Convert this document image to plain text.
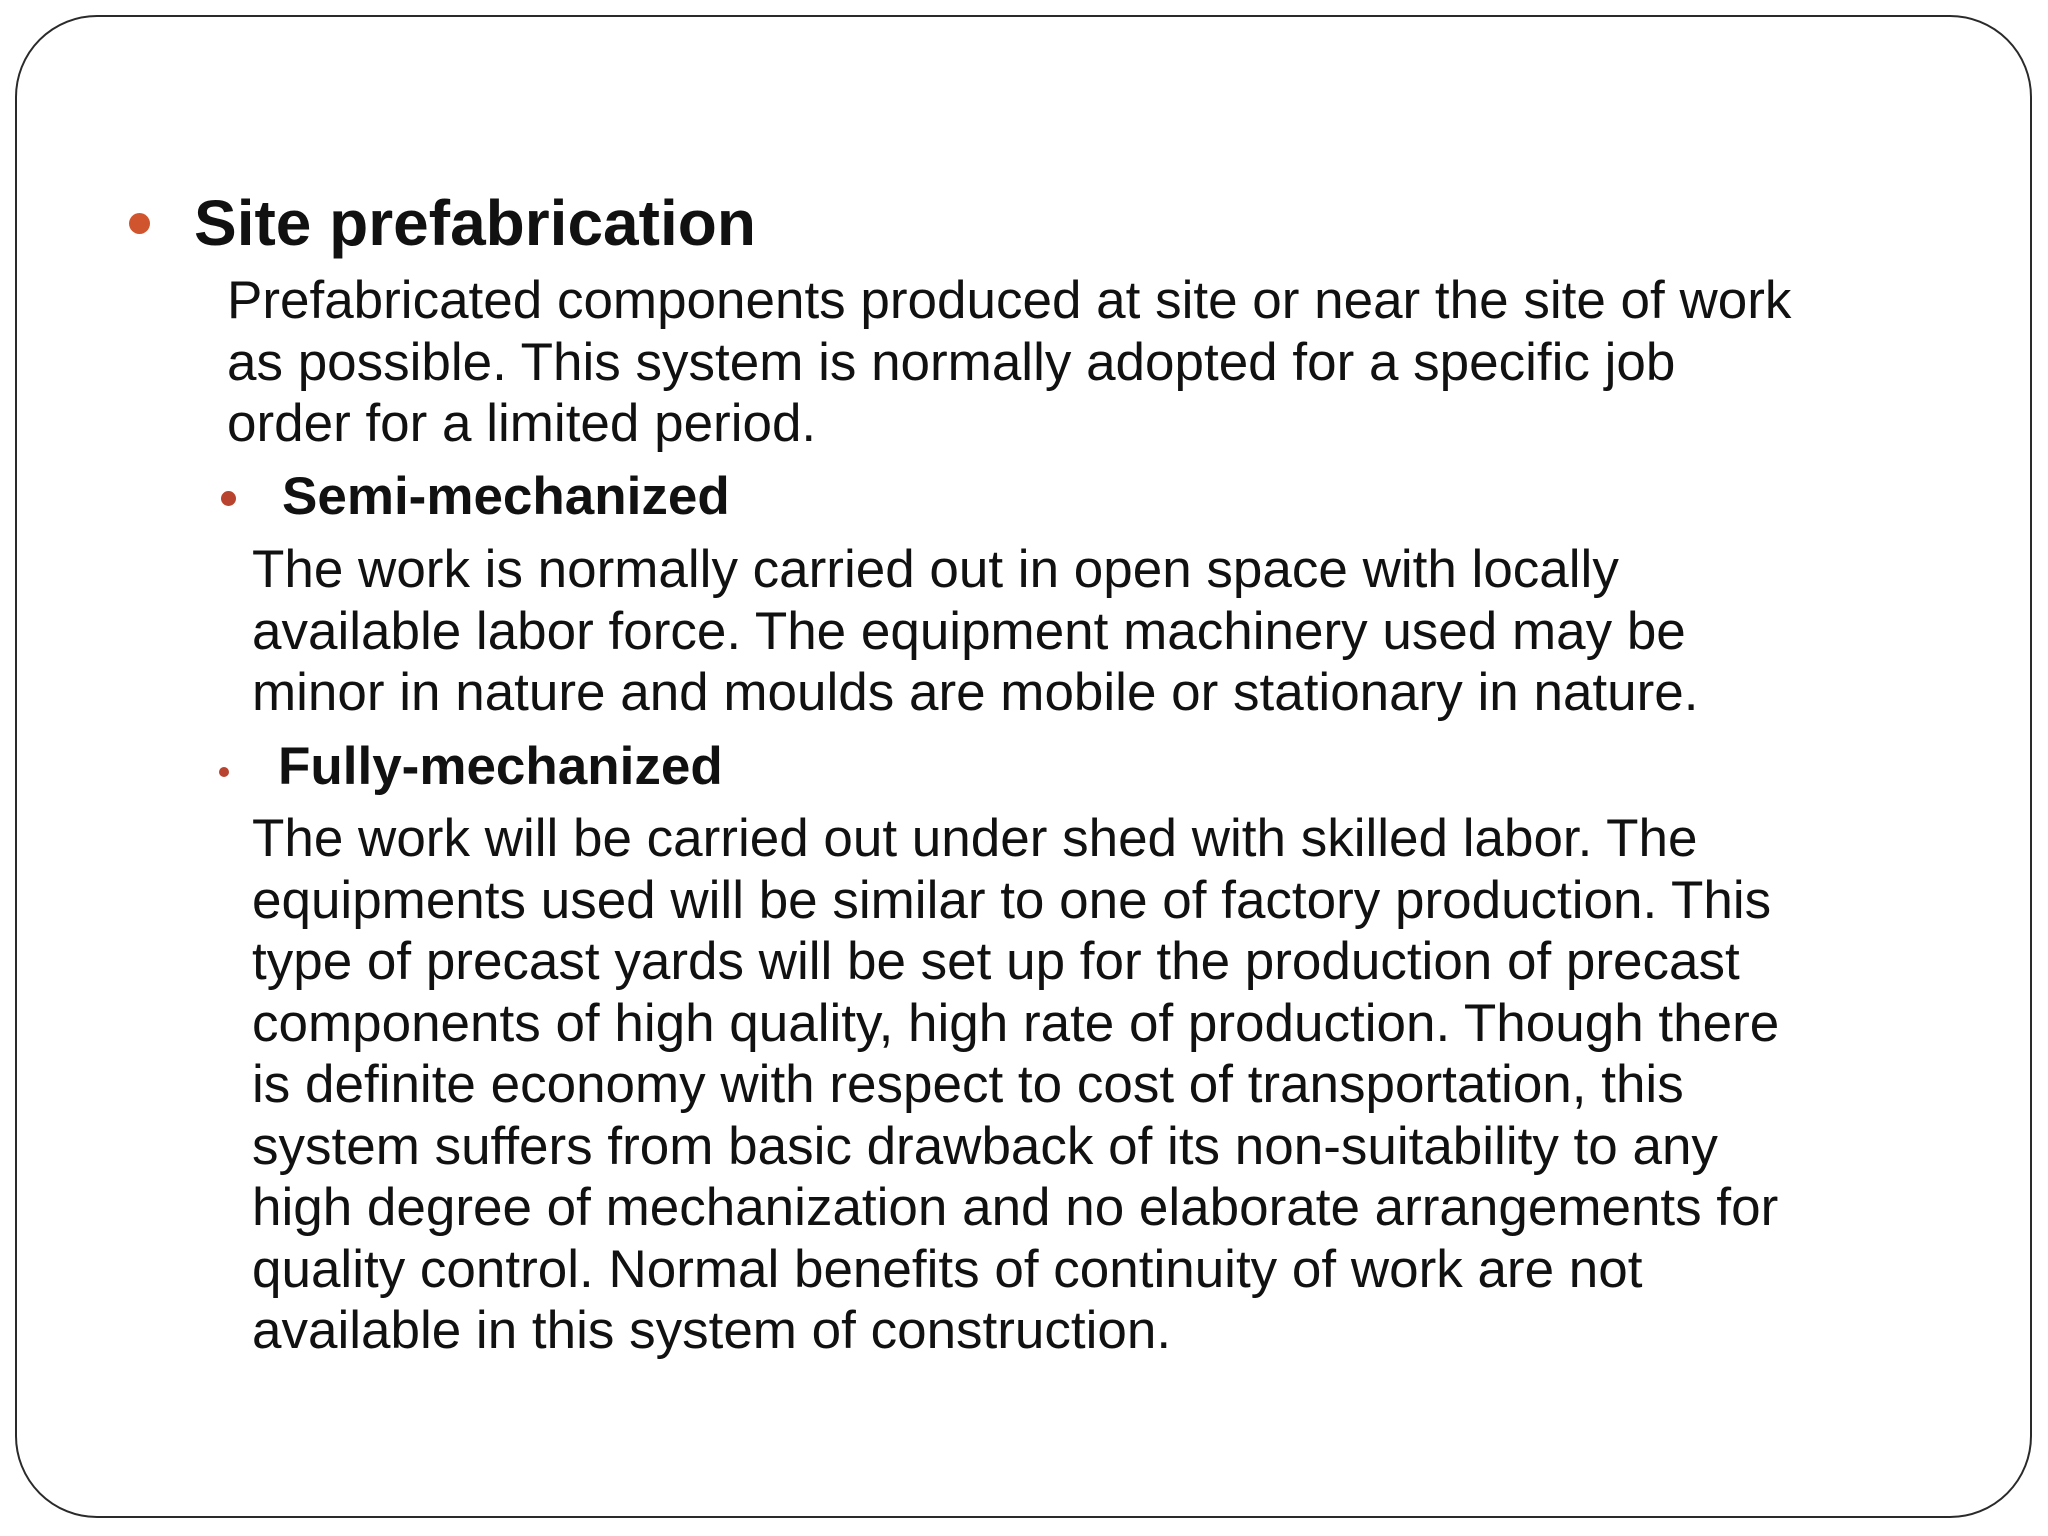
Site prefabrication
Prefabricated components produced at site or near the site of work
as possible. This system is normally adopted for a specific job
order for a limited period.
Semi-mechanized
The work is normally carried out in open space with locally
available labor force. The equipment machinery used may be
minor in nature and moulds are mobile or stationary in nature.
Fully-mechanized
The work will be carried out under shed with skilled labor. The
equipments used will be similar to one of factory production. This
type of precast yards will be set up for the production of precast
components of high quality, high rate of production. Though there
is definite economy with respect to cost of transportation, this
system suffers from basic drawback of its non-suitability to any
high degree of mechanization and no elaborate arrangements for
quality control. Normal benefits of continuity of work are not
available in this system of construction.
